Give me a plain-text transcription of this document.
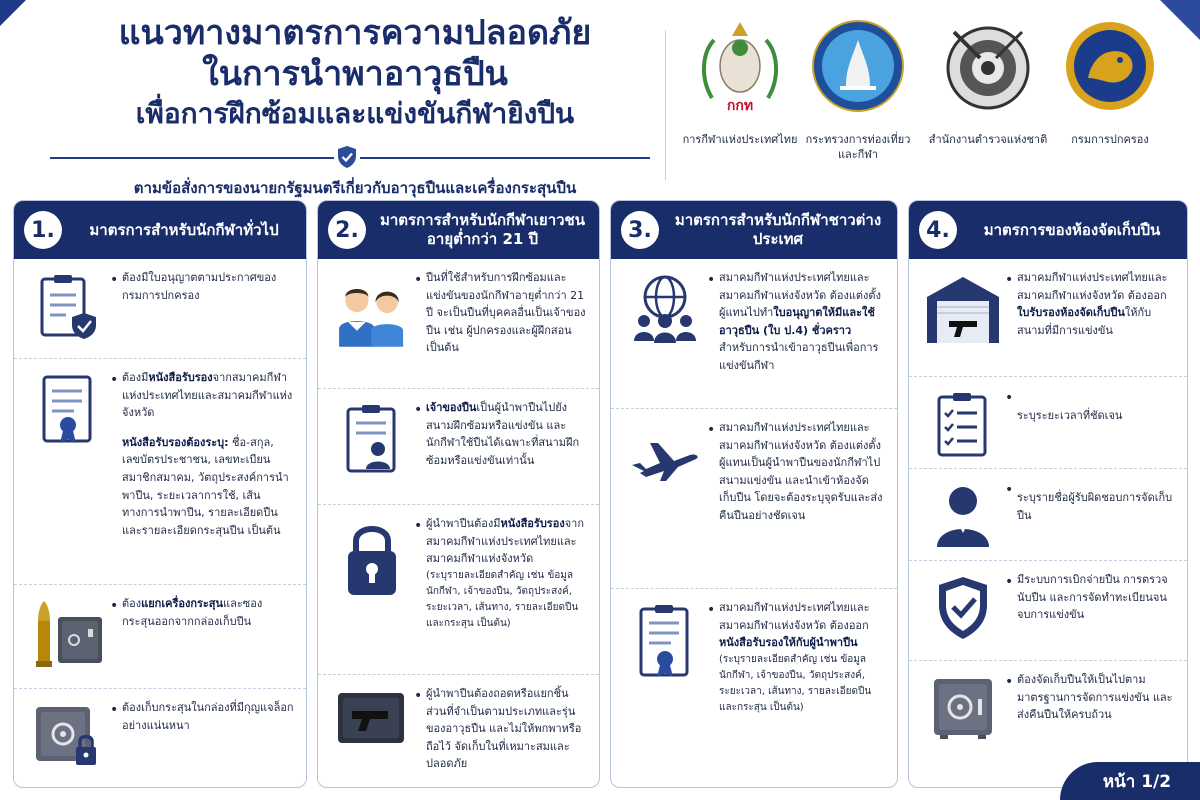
แนวทางมาตรการความปลอดภัย
ในการนำพาอาวุธปืน
เพื่อการฝึกซ้อมและแข่งขันกีฬายิงปืน
ตามข้อสั่งการของนายกรัฐมนตรีเกี่ยวกับอาวุธปืนและเครื่องกระสุนปืน
กกท
การกีฬาแห่งประเทศไทย กระทรวงการท่องเที่ยวและกีฬา
สำนักงานตำรวจแห่งชาติ	กรมการปกครอง
1.	มาตรการสำหรับนักกีฬาทั่วไป
• ต้องมีใบอนุญาตตามประกาศของกรมการปกครอง
• ต้องมีหนังสือรับรองจากสมาคมกีฬาแห่งประเทศไทยและสมาคมกีฬาแห่งจังหวัด
หนังสือรับรองต้องระบุ: ชื่อ-สกุล, เลขบัตรประชาชน, เลขทะเบียนสมาชิกสมาคม, วัตถุประสงค์การนำพาปืน, ระยะเวลาการใช้, เส้นทางการนำพาปืน, รายละเอียดปืน และรายละเอียดกระสุนปืน เป็นต้น
• ต้องแยกเครื่องกระสุนและซองกระสุนออกจากกล่องเก็บปืน
• ต้องเก็บกระสุนในกล่องที่มีกุญแจล็อกอย่างแน่นหนา
2.	มาตรการสำหรับนักกีฬาเยาวชนอายุต่ำกว่า 21 ปี
• ปืนที่ใช้สำหรับการฝึกซ้อมและแข่งขันของนักกีฬาอายุต่ำกว่า 21 ปี จะเป็นปืนที่บุคคลอื่นเป็นเจ้าของปืน เช่น ผู้ปกครองและผู้ฝึกสอน เป็นต้น
• เจ้าของปืนเป็นผู้นำพาปืนไปยังสนามฝึกซ้อมหรือแข่งขัน และนักกีฬาใช้ปืนได้เฉพาะที่สนามฝึกซ้อมหรือแข่งขันเท่านั้น
• ผู้นำพาปืนต้องมีหนังสือรับรองจากสมาคมกีฬาแห่งประเทศไทยและสมาคมกีฬาแห่งจังหวัด
(ระบุรายละเอียดสำคัญ เช่น ข้อมูลนักกีฬา, เจ้าของปืน, วัตถุประสงค์, ระยะเวลา, เส้นทาง, รายละเอียดปืน และกระสุน เป็นต้น)
• ผู้นำพาปืนต้องถอดหรือแยกชิ้นส่วนที่จำเป็นตามประเภทและรุ่นของอาวุธปืน และไม่ให้พกพาหรือถือไว้ จัดเก็บในที่เหมาะสมและปลอดภัย
3.	มาตรการสำหรับนักกีฬาชาวต่างประเทศ
• สมาคมกีฬาแห่งประเทศไทยและสมาคมกีฬาแห่งจังหวัด ต้องแต่งตั้งผู้แทนไปทำใบอนุญาตให้มีและใช้อาวุธปืน (ใบ ป.4) ชั่วคราว สำหรับการนำเข้าอาวุธปืนเพื่อการแข่งขันกีฬา
• สมาคมกีฬาแห่งประเทศไทยและสมาคมกีฬาแห่งจังหวัด ต้องแต่งตั้งผู้แทนเป็นผู้นำพาปืนของนักกีฬาไปสนามแข่งขัน และนำเข้าห้องจัดเก็บปืน โดยจะต้องระบุจุดรับและส่งคืนปืนอย่างชัดเจน
• สมาคมกีฬาแห่งประเทศไทยและสมาคมกีฬาแห่งจังหวัด ต้องออกหนังสือรับรองให้กับผู้นำพาปืน
(ระบุรายละเอียดสำคัญ เช่น ข้อมูลนักกีฬา, เจ้าของปืน, วัตถุประสงค์, ระยะเวลา, เส้นทาง, รายละเอียดปืน และกระสุน เป็นต้น)
4.	มาตรการของห้องจัดเก็บปืน
• สมาคมกีฬาแห่งประเทศไทยและสมาคมกีฬาแห่งจังหวัด ต้องออกใบรับรองห้องจัดเก็บปืนให้กับสนามที่มีการแข่งขัน
• ระบุระยะเวลาที่ชัดเจน
• ระบุรายชื่อผู้รับผิดชอบการจัดเก็บปืน
• มีระบบการเบิกจ่ายปืน การตรวจนับปืน และการจัดทำทะเบียนจนจบการแข่งขัน
• ต้องจัดเก็บปืนให้เป็นไปตามมาตรฐานการจัดการแข่งขัน และส่งคืนปืนให้ครบถ้วน
หน้า 1/2
